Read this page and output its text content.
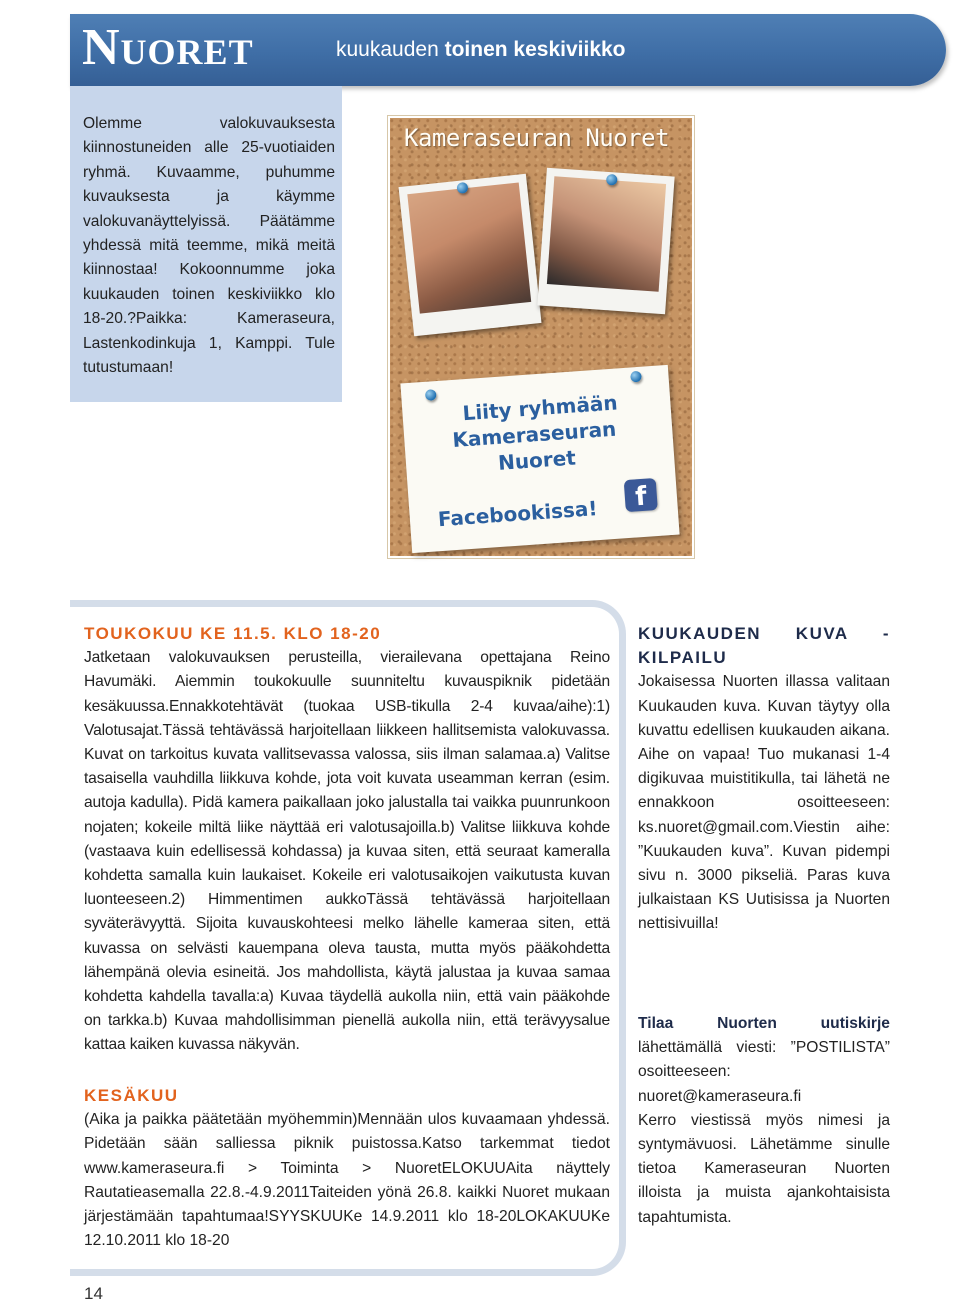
Nuoret	kuukauden toinen keskiviikko

Olemme valokuvauksesta kiinnostuneiden alle 25-vuotiaiden ryhmä. Kuvaamme, puhumme kuvauksesta ja käymme valokuvanäyttelyissä. Päätämme yhdessä mitä teemme, mikä meitä kiinnostaa! Kokoonnumme joka kuukauden toinen keskiviikko klo 18-20.?Paikka: Kameraseura, Lastenkodinkuja 1, Kamppi. Tule tutustumaan!

Kameraseuran Nuoret
Liity ryhmään
Kameraseuran
Nuoret
Facebookissa!	f
TOUKOKUU KE 11.5. KLO 18-20

Jatketaan valokuvauksen perusteilla, vierailevana opettajana Reino Havumäki. Aiemmin toukokuulle suunniteltu kuvauspiknik pidetään kesäkuussa.Ennakkotehtävät (tuokaa USB-tikulla 2-4 kuvaa/aihe):1) Valotusajat.Tässä tehtävässä harjoitellaan liikkeen hallitsemista valokuvassa. Kuvat on tarkoitus kuvata vallitsevassa valossa, siis ilman salamaa.a) Valitse tasaisella vauhdilla liikkuva kohde, jota voit kuvata useamman kerran (esim. autoja kadulla). Pidä kamera paikallaan joko jalustalla tai vaikka puunrunkoon nojaten; kokeile miltä liike näyttää eri valotusajoilla.b) Valitse liikkuva kohde (vastaava kuin edellisessä kohdassa) ja kuvaa siten, että seuraat kameralla kohdetta samalla kuin laukaiset. Kokeile eri valotusaikojen vaikutusta kuvan luonteeseen.2) Himmentimen aukkoTässä tehtävässä harjoitellaan syväterävyyttä. Sijoita kuvauskohteesi melko lähelle kameraa siten, että kuvassa on selvästi kauempana oleva tausta, mutta myös pääkohdetta lähempänä olevia esineitä. Jos mahdollista, käytä jalustaa ja kuvaa samaa kohdetta kahdella tavalla:a) Kuvaa täydellä aukolla niin, että vain pääkohde on tarkka.b) Kuvaa mahdollisimman pienellä aukolla niin, että terävyysalue kattaa kaiken kuvassa näkyvän.

KESÄKUU

(Aika ja paikka päätetään myöhemmin)Mennään ulos kuvaamaan yhdessä. Pidetään sään salliessa piknik puistossa.Katso tarkemmat tiedot www.kameraseura.fi > Toiminta > NuoretELOKUUAita näyttely Rautatieasemalla 22.8.-4.9.2011Taiteiden yönä 26.8. kaikki Nuoret mukaan järjestämään tapahtumaa!SYYSKUUKe 14.9.2011 klo 18-20LOKAKUUKe 12.10.2011 klo 18-20

KUUKAUDEN KUVA -KILPAILU

Jokaisessa Nuorten illassa valitaan Kuukauden kuva. Kuvan täytyy olla kuvattu edellisen kuukauden aikana. Aihe on vapaa! Tuo mukanasi 1-4 digikuvaa muistitikulla, tai lähetä ne ennakkoon osoitteeseen: ks.nuoret@gmail.com.Viestin aihe: ”Kuukauden kuva”. Kuvan pidempi sivu n. 3000 pikseliä. Paras kuva julkaistaan KS Uutisissa ja Nuorten nettisivuilla!

Tilaa Nuorten uutiskirje lähettämällä viesti: ”POSTILISTA” osoitteeseen: nuoret@kameraseura.fi

Kerro viestissä myös nimesi ja syntymävuosi. Lähetämme sinulle tietoa Kameraseuran Nuorten illoista ja muista ajankohtaisista tapahtumista.

14
